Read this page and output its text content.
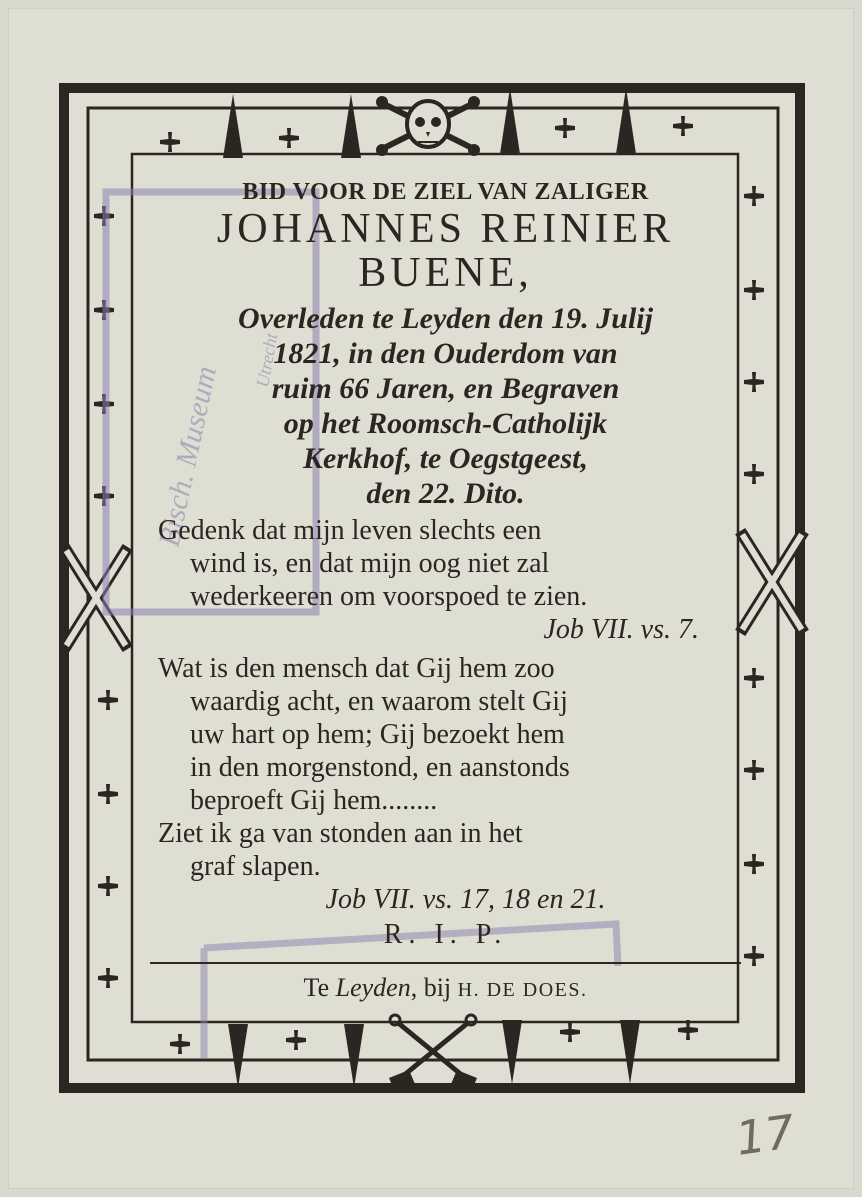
Bisch. Museum
Utrecht
BID VOOR DE ZIEL VAN ZALIGER
JOHANNES REINIER
BUENE,
Overleden te Leyden den 19. Julij
1821, in den Ouderdom van
ruim 66 Jaren, en Begraven
op het Roomsch-Catholijk
Kerkhof, te Oegstgeest,
den 22. Dito.
Gedenk dat mijn leven slechts een
wind is, en dat mijn oog niet zal
wederkeeren om voorspoed te zien.
Job VII. vs. 7.
Wat is den mensch dat Gij hem zoo
waardig acht, en waarom stelt Gij
uw hart op hem; Gij bezoekt hem
in den morgenstond, en aanstonds
beproeft Gij hem........
Ziet ik ga van stonden aan in het
graf slapen.
Job VII. vs. 17, 18 en 21.
R. I. P.
Te Leyden, bij H. DE DOES.
17
